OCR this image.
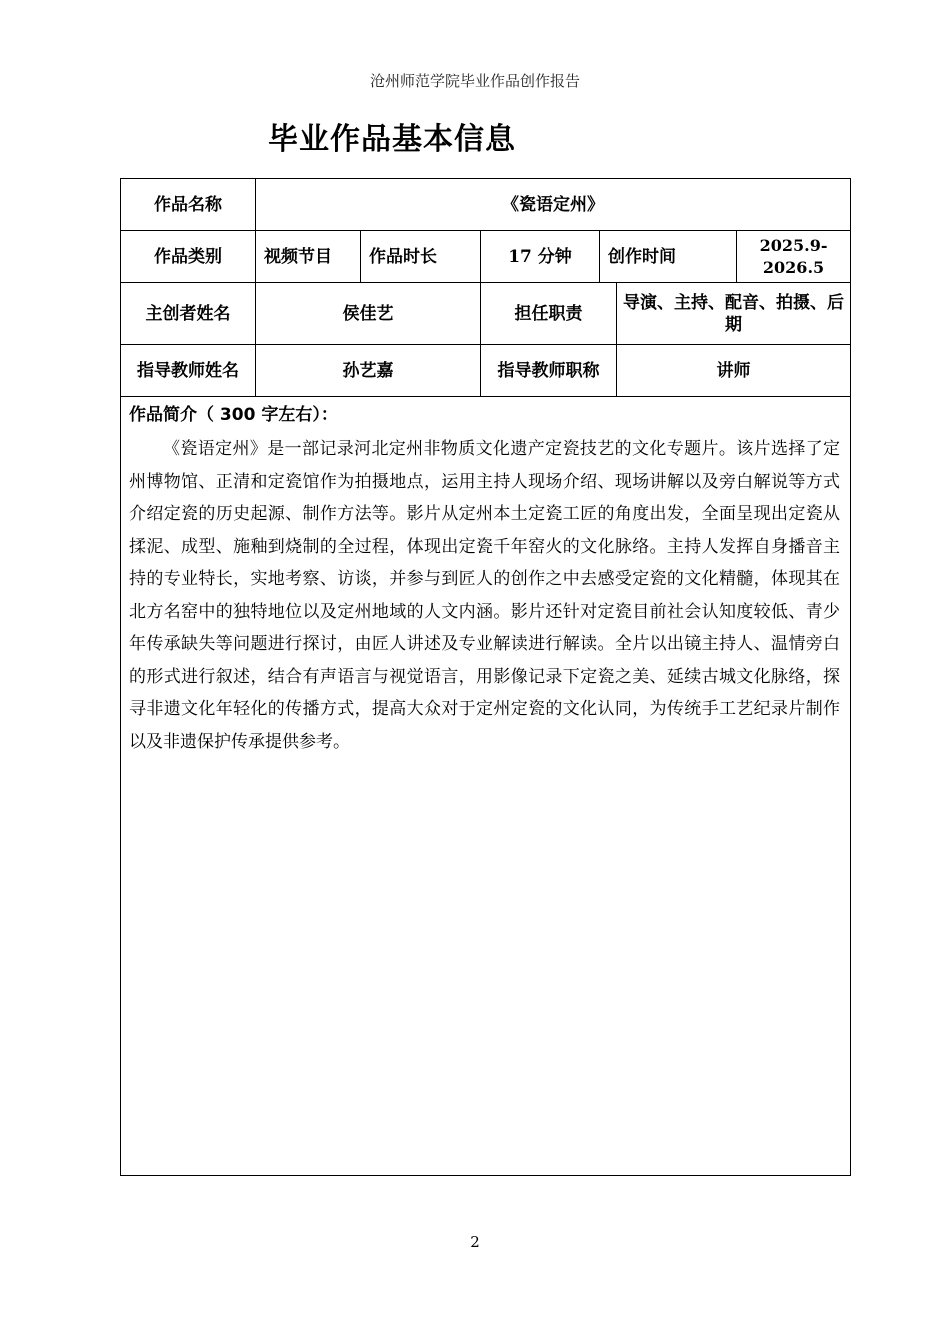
沧州师范学院毕业作品创作报告
毕业作品基本信息
作品名称	《瓷语定州》					
作品类别	视频节目	作品时长	17 分钟	创作时间		2025.9-2026.5
主创者姓名	侯佳艺		担任职责		导演、主持、配音、拍摄、后期	
指导教师姓名	孙艺嘉		指导教师职称		讲师	

作品简介（ 300 字左右）：
《瓷语定州》是一部记录河北定州非物质文化遗产定瓷技艺的文化专题片。该片选择了定州博物馆、正清和定瓷馆作为拍摄地点，运用主持人现场介绍、现场讲解以及旁白解说等方式介绍定瓷的历史起源、制作方法等。影片从定州本土定瓷工匠的角度出发，全面呈现出定瓷从揉泥、成型、施釉到烧制的全过程，体现出定瓷千年窑火的文化脉络。主持人发挥自身播音主持的专业特长，实地考察、访谈，并参与到匠人的创作之中去感受定瓷的文化精髓，体现其在北方名窑中的独特地位以及定州地域的人文内涵。影片还针对定瓷目前社会认知度较低、青少年传承缺失等问题进行探讨，由匠人讲述及专业解读进行解读。全片以出镜主持人、温情旁白的形式进行叙述，结合有声语言与视觉语言，用影像记录下定瓷之美、延续古城文化脉络，探寻非遗文化年轻化的传播方式，提高大众对于定州定瓷的文化认同，为传统手工艺纪录片制作以及非遗保护传承提供参考。						
2
